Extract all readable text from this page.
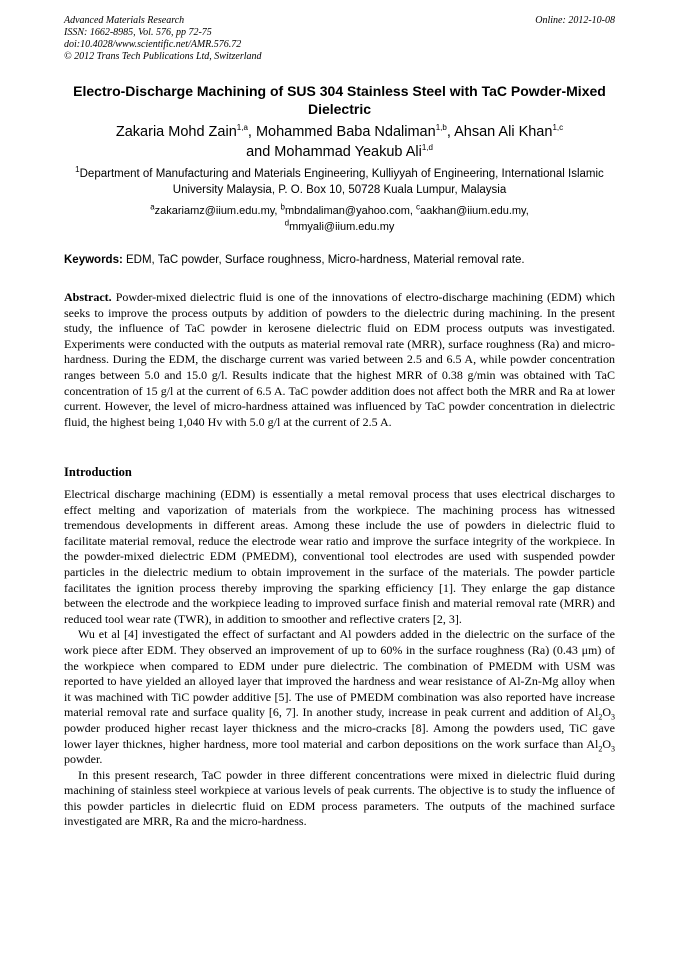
Advanced Materials Research
ISSN: 1662-8985, Vol. 576, pp 72-75
doi:10.4028/www.scientific.net/AMR.576.72
© 2012 Trans Tech Publications Ltd, Switzerland
Online: 2012-10-08
Electro-Discharge Machining of SUS 304 Stainless Steel with TaC Powder-Mixed Dielectric
Zakaria Mohd Zain$^{1,a}$, Mohammed Baba Ndaliman$^{1,b}$, Ahsan Ali Khan$^{1,c}$
and Mohammad Yeakub Ali$^{1,d}$
$^1$Department of Manufacturing and Materials Engineering, Kulliyyah of Engineering, International Islamic University Malaysia, P. O. Box 10, 50728 Kuala Lumpur, Malaysia
$^a$zakariamz@iium.edu.my, $^b$mbndaliman@yahoo.com, $^c$aakhan@iium.edu.my,
$^d$mmyali@iium.edu.my
Keywords: EDM, TaC powder, Surface roughness, Micro-hardness, Material removal rate.

Abstract. Powder-mixed dielectric fluid is one of the innovations of electro-discharge machining (EDM) which seeks to improve the process outputs by addition of powders to the dielectric during machining. In the present study, the influence of TaC powder in kerosene dielectric fluid on EDM process outputs was investigated. Experiments were conducted with the outputs as material removal rate (MRR), surface roughness (Ra) and micro-hardness. During the EDM, the discharge current was varied between 2.5 and 6.5 A, while powder concentration ranges between 5.0 and 15.0 g/l. Results indicate that the highest MRR of 0.38 g/min was obtained with TaC concentration of 15 g/l at the current of 6.5 A. TaC powder addition does not affect both the MRR and Ra at lower current. However, the level of micro-hardness attained was influenced by TaC powder concentration in dielectric fluid, the highest being 1,040 Hv with 5.0 g/l at the current of 2.5 A.

Introduction

Electrical discharge machining (EDM) is essentially a metal removal process that uses electrical discharges to effect melting and vaporization of materials from the workpiece. The machining process has witnessed tremendous developments in different areas. Among these include the use of powders in dielectric fluid to facilitate material removal, reduce the electrode wear ratio and improve the surface integrity of the workpiece. In the powder-mixed dielectric EDM (PMEDM), conventional tool electrodes are used with suspended powder particles in the dielectric medium to obtain improvement in the surface of the materials. The powder particle facilitates the ignition process thereby improving the sparking efficiency [1]. They enlarge the gap distance between the electrode and the workpiece leading to improved surface finish and material removal rate (MRR) and reduced tool wear rate (TWR), in addition to smoother and reflective craters [2, 3].

Wu et al [4] investigated the effect of surfactant and Al powders added in the dielectric on the surface of the work piece after EDM. They observed an improvement of up to 60% in the surface roughness (Ra) (0.43 μm) of the workpiece when compared to EDM under pure dielectric. The combination of PMEDM with USM was reported to have yielded an alloyed layer that improved the hardness and wear resistance of Al-Zn-Mg alloy when it was machined with TiC powder additive [5]. The use of PMEDM combination was also reported have increase material removal rate and surface quality [6, 7]. In another study, increase in peak current and addition of $Al_2O_3$ powder produced higher recast layer thickness and the micro-cracks [8]. Among the powders used, TiC gave lower layer thicknes, higher hardness, more tool material and carbon depositions on the work surface than $Al_2O_3$ powder.

In this present research, TaC powder in three different concentrations were mixed in dielectric fluid during machining of stainless steel workpiece at various levels of peak currents. The objective is to study the influence of this powder particles in dielecrtic fluid on EDM process parameters. The outputs of the machined surface investigated are MRR, Ra and the micro-hardness.
